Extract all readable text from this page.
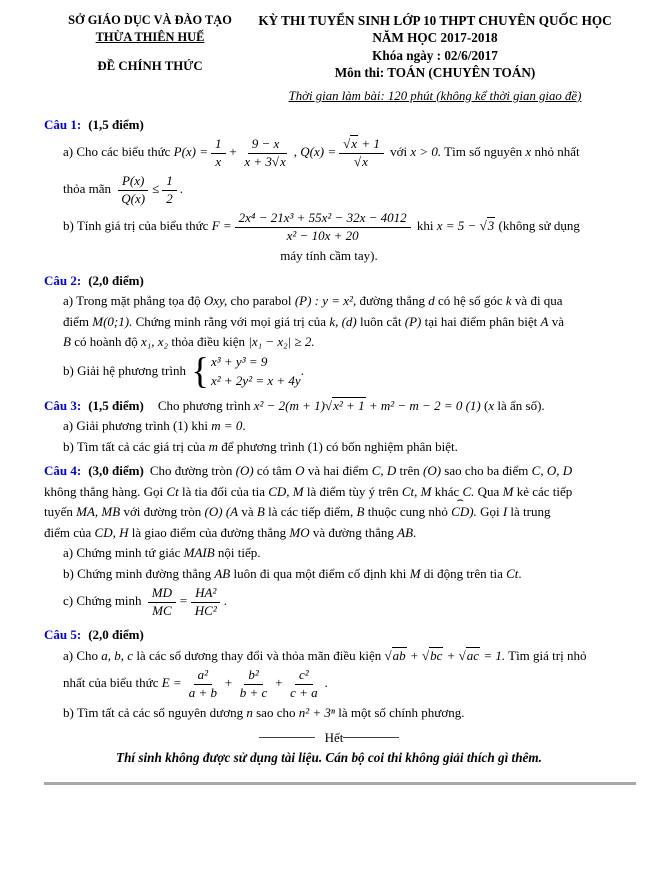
SỞ GIÁO DỤC VÀ ĐÀO TẠO
THỪA THIÊN HUẾ
ĐỀ CHÍNH THỨC
KỲ THI TUYỂN SINH LỚP 10 THPT CHUYÊN QUỐC HỌC
NĂM HỌC 2017-2018
Khóa ngày : 02/6/2017
Môn thi: TOÁN (CHUYÊN TOÁN)
Thời gian làm bài: 120 phút (không kể thời gian giao đề)
Câu 1: (1,5 điểm)
a) Cho các biểu thức $P(x) = \frac{1}{x} + \frac{9 - x}{x + 3√x}$ , $Q(x) = \frac{√x + 1}{√x}$ với x > 0. Tìm số nguyên x nhỏ nhất
thỏa mãn $\frac{P(x)}{Q(x)} \le \frac{1}{2}$ .
b) Tính giá trị của biểu thức $F = \frac{\text{2x⁴ − 21x³ + 55x² − 32x − 4012}}{\text{x² − 10x + 20}}$ khi x = 5 − √3 (không sử dụng
máy tính cầm tay).
Câu 2: (2,0 điểm)
a) Trong mặt phẳng tọa độ Oxy, cho parabol (P) : y = x², đường thẳng d có hệ số góc k và đi qua
điểm M(0;1). Chứng minh rằng với mọi giá trị của k, (d) luôn cắt (P) tại hai điểm phân biệt A và
B có hoành độ x₁, x₂ thỏa điều kiện |x₁ − x₂| ≥ 2.
b) Giải hệ phương trình { x³ + y³ = 9
x² + 2y² = x + 4y
.
Câu 3: (1,5 điểm) Cho phương trình x² − 2(m + 1)√x² + 1 + m² − m − 2 = 0 (1) (x là ẩn số).
a) Giải phương trình (1) khi m = 0.
b) Tìm tất cả các giá trị của m để phương trình (1) có bốn nghiệm phân biệt.
Câu 4: (3,0 điểm) Cho đường tròn (O) có tâm O và hai điểm C, D trên (O) sao cho ba điểm C, O, D
không thẳng hàng. Gọi Ct là tia đối của tia CD, M là điểm tùy ý trên Ct, M khác C. Qua M kẻ các tiếp
tuyến MA, MB với đường tròn (O) (A và B là các tiếp điểm, B thuộc cung nhỏ
⌢
CD). Gọi I là trung
điểm của CD, H là giao điểm của đường thẳng MO và đường thẳng AB.
a) Chứng minh tứ giác MAIB nội tiếp.
b) Chứng minh đường thẳng AB luôn đi qua một điểm cố định khi M di động trên tia Ct.
c) Chứng minh $\frac{MD}{MC} = \frac{\text{HA²}}{\text{HC²}}$ .
Câu 5: (2,0 điểm)
a) Cho a, b, c là các số dương thay đổi và thỏa mãn điều kiện √ab + √bc + √ac = 1. Tìm giá trị nhỏ
nhất của biểu thức $E = \frac{\text{a²}}{a + b} + \frac{\text{b²}}{b + c} + \frac{\text{c²}}{c + a}$ .
b) Tìm tất cả các số nguyên dương n sao cho n² + 3ⁿ là một số chính phương.
Hết
Thí sinh không được sử dụng tài liệu. Cán bộ coi thi không giải thích gì thêm.
